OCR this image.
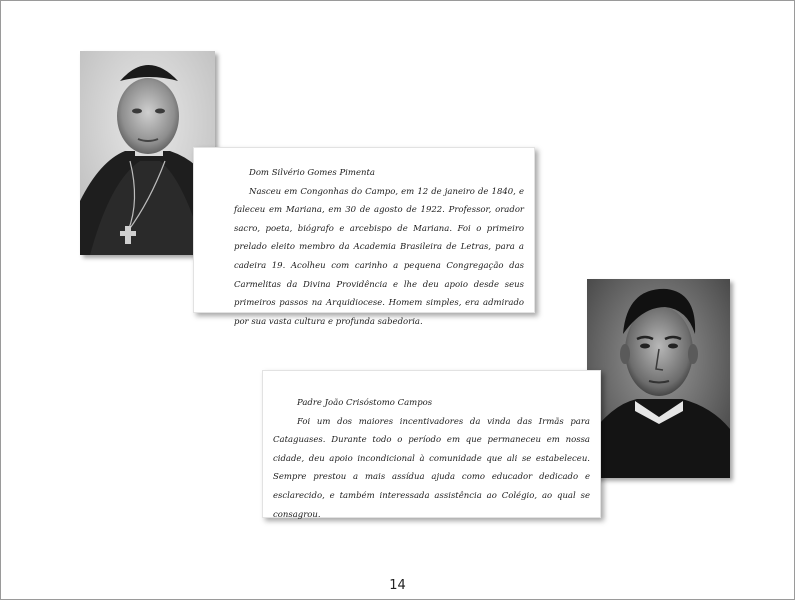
Dom Silvério Gomes Pimenta

Nasceu em Congonhas do Campo, em 12 de janeiro de 1840, e faleceu em Mariana, em 30 de agosto de 1922. Professor, orador sacro, poeta, biógrafo e arcebispo de Mariana. Foi o primeiro prelado eleito membro da Academia Brasileira de Letras, para a cadeira 19. Acolheu com carinho a pequena Congregação das Carmelitas da Divina Providência e lhe deu apoio desde seus primeiros passos na Arquidiocese. Homem simples, era admirado por sua vasta cultura e profunda sabedoria.

Padre João Crisóstomo Campos

Foi um dos maiores incentivadores da vinda das Irmãs para Cataguases. Durante todo o período em que permaneceu em nossa cidade, deu apoio incondicional à comunidade que ali se estabeleceu. Sempre prestou a mais assídua ajuda como educador dedicado e esclarecido, e também interessada assistência ao Colégio, ao qual se consagrou.

14
